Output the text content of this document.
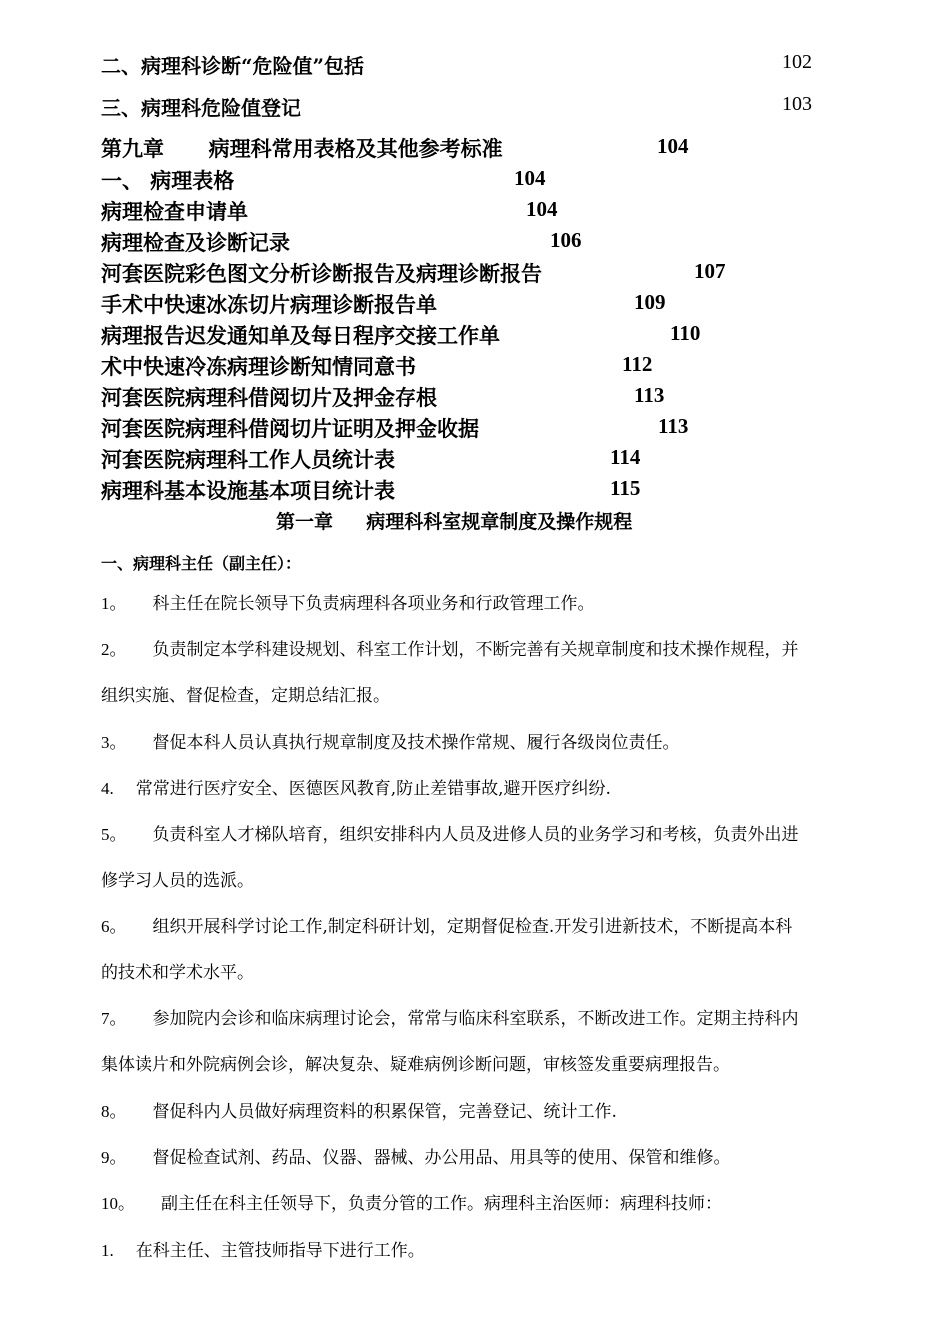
二、病理科诊断“危险值”包括	102
三、病理科危险值登记	103
第九章 病理科常用表格及其他参考标准	104
一、 病理表格	104
病理检查申请单	104
病理检查及诊断记录	106
河套医院彩色图文分析诊断报告及病理诊断报告	107
手术中快速冰冻切片病理诊断报告单	109
病理报告迟发通知单及每日程序交接工作单	110
术中快速冷冻病理诊断知情同意书	112
河套医院病理科借阅切片及押金存根	113
河套医院病理科借阅切片证明及押金收据	113
河套医院病理科工作人员统计表	114
病理科基本设施基本项目统计表	115
第一章 病理科科室规章制度及操作规程
一、病理科主任（副主任）：
1。 科主任在院长领导下负责病理科各项业务和行政管理工作。
2。 负责制定本学科建设规划、科室工作计划，不断完善有关规章制度和技术操作规程，并
组织实施、督促检查，定期总结汇报。
3。 督促本科人员认真执行规章制度及技术操作常规、履行各级岗位责任。
4. 常常进行医疗安全、医德医风教育,防止差错事故,避开医疗纠纷.
5。 负责科室人才梯队培育，组织安排科内人员及进修人员的业务学习和考核，负责外出进
修学习人员的选派。
6。 组织开展科学讨论工作,制定科研计划，定期督促检查.开发引进新技术，不断提高本科
的技术和学术水平。
7。 参加院内会诊和临床病理讨论会，常常与临床科室联系，不断改进工作。定期主持科内
集体读片和外院病例会诊，解决复杂、疑难病例诊断问题，审核签发重要病理报告。
8。 督促科内人员做好病理资料的积累保管，完善登记、统计工作.
9。 督促检查试剂、药品、仪器、器械、办公用品、用具等的使用、保管和维修。
10。 副主任在科主任领导下，负责分管的工作。病理科主治医师：病理科技师：
1. 在科主任、主管技师指导下进行工作。
